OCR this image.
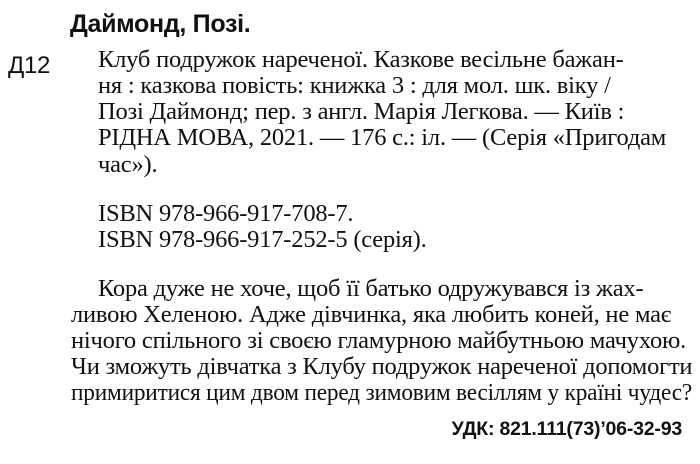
Даймонд, Позі.
Д12 Клуб подружок нареченої. Казкове весільне бажан-
ня : казкова повість: книжка 3 : для мол. шк. віку /
Позі Даймонд; пер. з англ. Марія Легкова. — Київ :
РІДНА МОВА, 2021. — 176 с.: іл. — (Серія «Пригодам
час»).
ISBN 978-966-917-708-7.
ISBN 978-966-917-252-5 (серія).
Кора дуже не хоче, щоб її батько одружувався із жах-
ливою Хеленою. Адже дівчинка, яка любить коней, не має
нічого спільного зі своєю гламурною майбутньою мачухою.
Чи зможуть дівчатка з Клубу подружок нареченої допомогти
примиритися цим двом перед зимовим весіллям у країні чудес?
УДК: 821.111(73)’06-32-93
